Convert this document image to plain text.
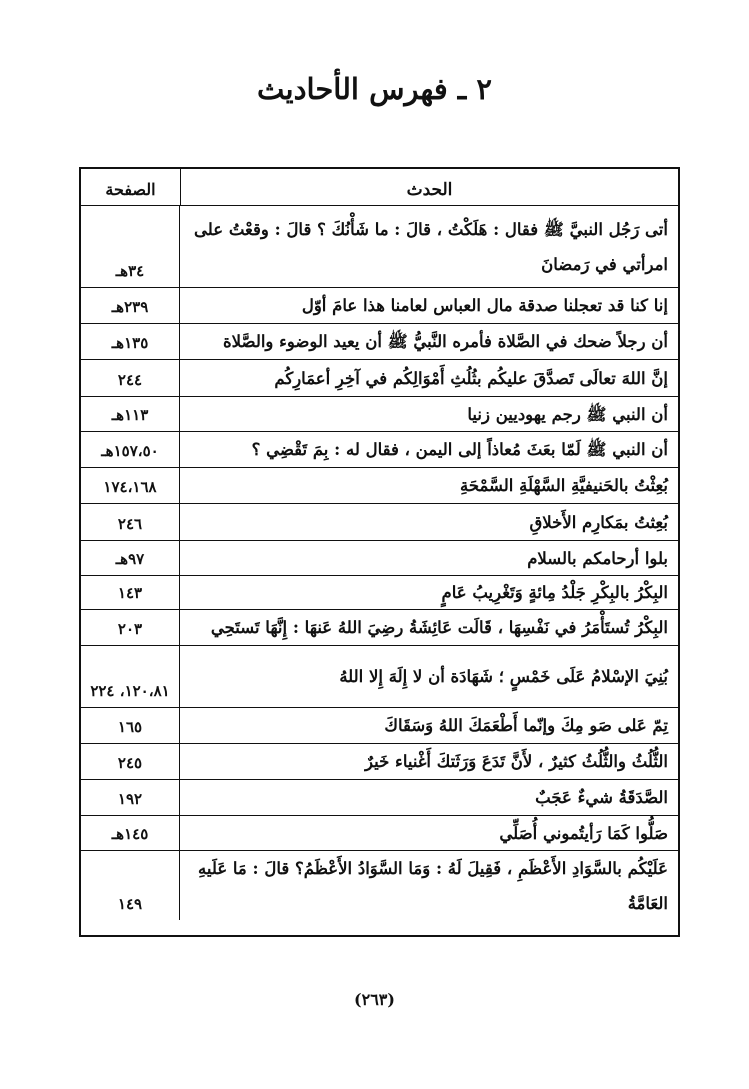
٢ ـ فهرس الأحاديث
الحدث
الصفحة
أتى رَجُل النبيَّ ﷺ فقال : هَلَكْتُ ، قالَ : ما شَأْنُكَ ؟ قالَ : وقعْتُ على امرأتي في رَمضانَ
٣٤هـ
إنا كنا قد تعجلنا صدقة مال العباس لعامنا هذا عامَ أوّل
٢٣٩هـ
أن رجلاً ضحك في الصَّلاة فأمره النَّبيُّ ﷺ أن يعيد الوضوء والصَّلاة
١٣٥هـ
إنَّ اللهَ تعالَى تَصدَّقَ عليكُم بثُلُثِ أَمْوَالِكُم في آخِرِ أعمَارِكُم
٢٤٤
أن النبي ﷺ رجم يهوديين زنيا
١١٣هـ
أن النبي ﷺ لَمّا بعَثَ مُعاذاً إلى اليمن ، فقال له : بِمَ تَقْضِي ؟
١٥٧،٥٠هـ
بُعِثْتُ بالحَنيفيَّةِ السَّهْلَةِ السَّمْحَةِ
١٧٤،١٦٨
بُعِثتُ بمَكارِم الأَخلاقِ
٢٤٦
بلوا أرحامكم بالسلام
٩٧هـ
البِكْرُ بالبِكْرِ جَلْدُ مِائةٍ وَتَغْرِيبُ عَامٍ
١٤٣
البِكْرُ تُستَأْمَرُ في نَفْسِهَا ، قَالَت عَائِشَةُ رضِيَ اللهُ عَنهَا : إِنَّهَا تَستَحِي
٢٠٣
بُنِيَ الإسْلامُ عَلَى خَمْسٍ ؛ شَهَادَة أن لا إِلَهَ إِلا اللهُ
١٢٠،٨١، ٢٢٤
تِمّ عَلى صَو مِكَ وإنّما أَطْعَمَكَ اللهُ وَسَقَاكَ
١٦٥
الثُّلُثُ والثُّلُثُ كثيرٌ ، لأَنَّ تَدَعَ وَرَثَتكَ أَغْنياء خَيرٌ
٢٤٥
الصَّدَقَةُ شيءٌ عَجَبٌ
١٩٢
صَلُّوا كَمَا رَأيتُموني أُصَلِّي
١٤٥هـ
عَلَيْكُم بالسَّوَادِ الأَعْظَمِ ، فَقِيلَ لَهُ : وَمَا السَّوَادُ الأَعْظَمُ؟ قالَ : مَا عَلَيهِ العَامَّةُ
١٤٩
(٢٦٣)
